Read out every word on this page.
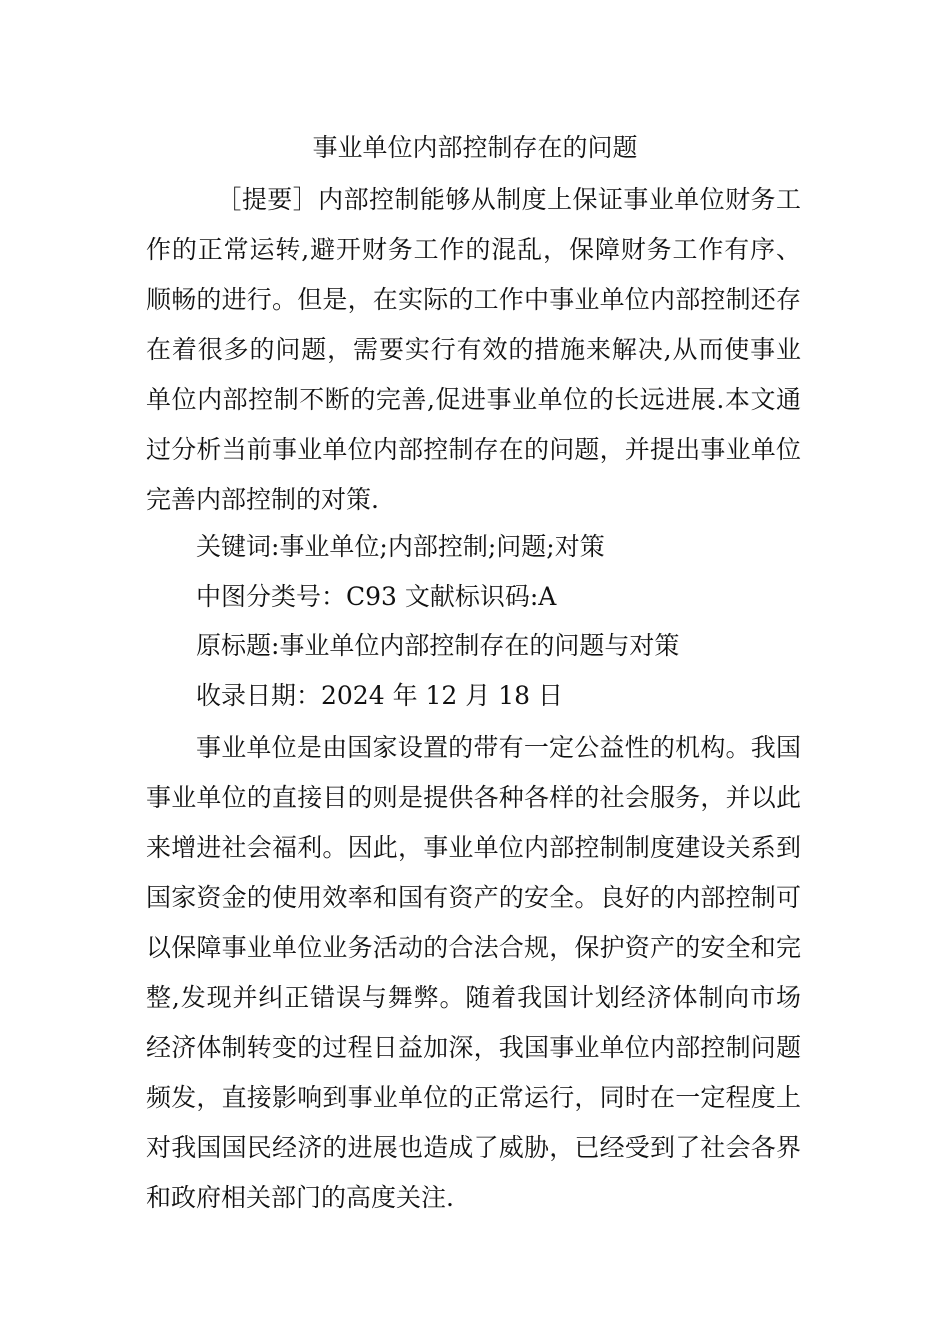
事业单位内部控制存在的问题

［提要］内部控制能够从制度上保证事业单位财务工作的正常运转,避开财务工作的混乱，保障财务工作有序、顺畅的进行。但是，在实际的工作中事业单位内部控制还存在着很多的问题，需要实行有效的措施来解决,从而使事业单位内部控制不断的完善,促进事业单位的长远进展.本文通过分析当前事业单位内部控制存在的问题，并提出事业单位完善内部控制的对策.

关键词:事业单位;内部控制;问题;对策

中图分类号：C93 文献标识码:A

原标题:事业单位内部控制存在的问题与对策

收录日期：2024 年 12 月 18 日

事业单位是由国家设置的带有一定公益性的机构。我国事业单位的直接目的则是提供各种各样的社会服务，并以此来增进社会福利。因此，事业单位内部控制制度建设关系到国家资金的使用效率和国有资产的安全。良好的内部控制可以保障事业单位业务活动的合法合规，保护资产的安全和完整,发现并纠正错误与舞弊。随着我国计划经济体制向市场经济体制转变的过程日益加深，我国事业单位内部控制问题频发，直接影响到事业单位的正常运行，同时在一定程度上对我国国民经济的进展也造成了威胁，已经受到了社会各界和政府相关部门的高度关注.
